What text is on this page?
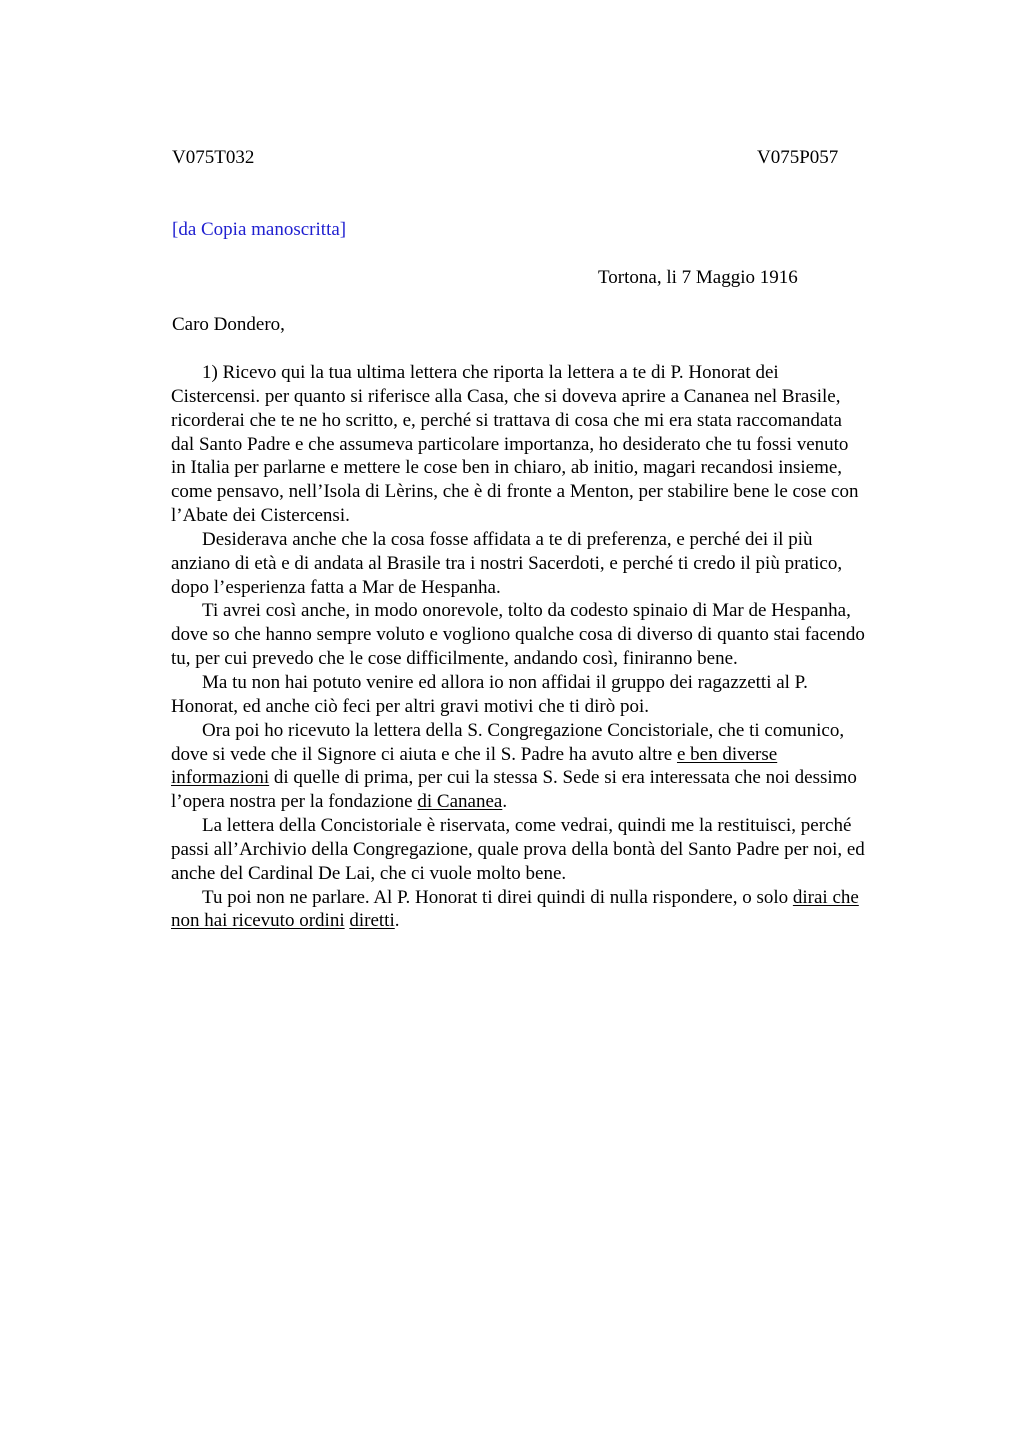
V075T032	V075P057
[da Copia manoscritta]
Tortona, li 7 Maggio 1916
Caro Dondero,
1) Ricevo qui la tua ultima lettera che riporta la lettera a te di P. Honorat dei
Cistercensi. per quanto si riferisce alla Casa, che si doveva aprire a Cananea nel Brasile,
ricorderai che te ne ho scritto, e, perché si trattava di cosa che mi era stata raccomandata
dal Santo Padre e che assumeva particolare importanza, ho desiderato che tu fossi venuto
in Italia per parlarne e mettere le cose ben in chiaro, ab initio, magari recandosi insieme,
come pensavo, nell’Isola di Lèrins, che è di fronte a Menton, per stabilire bene le cose con
l’Abate dei Cistercensi.
Desiderava anche che la cosa fosse affidata a te di preferenza, e perché dei il più
anziano di età e di andata al Brasile tra i nostri Sacerdoti, e perché ti credo il più pratico,
dopo l’esperienza fatta a Mar de Hespanha.
Ti avrei così anche, in modo onorevole, tolto da codesto spinaio di Mar de Hespanha,
dove so che hanno sempre voluto e vogliono qualche cosa di diverso di quanto stai facendo
tu, per cui prevedo che le cose difficilmente, andando così, finiranno bene.
Ma tu non hai potuto venire ed allora io non affidai il gruppo dei ragazzetti al P.
Honorat, ed anche ciò feci per altri gravi motivi che ti dirò poi.
Ora poi ho ricevuto la lettera della S. Congregazione Concistoriale, che ti comunico,
dove si vede che il Signore ci aiuta e che il S. Padre ha avuto altre e ben diverse
informazioni di quelle di prima, per cui la stessa S. Sede si era interessata che noi dessimo
l’opera nostra per la fondazione di Cananea.
La lettera della Concistoriale è riservata, come vedrai, quindi me la restituisci, perché
passi all’Archivio della Congregazione, quale prova della bontà del Santo Padre per noi, ed
anche del Cardinal De Lai, che ci vuole molto bene.
Tu poi non ne parlare. Al P. Honorat ti direi quindi di nulla rispondere, o solo dirai che
non hai ricevuto ordini diretti.
